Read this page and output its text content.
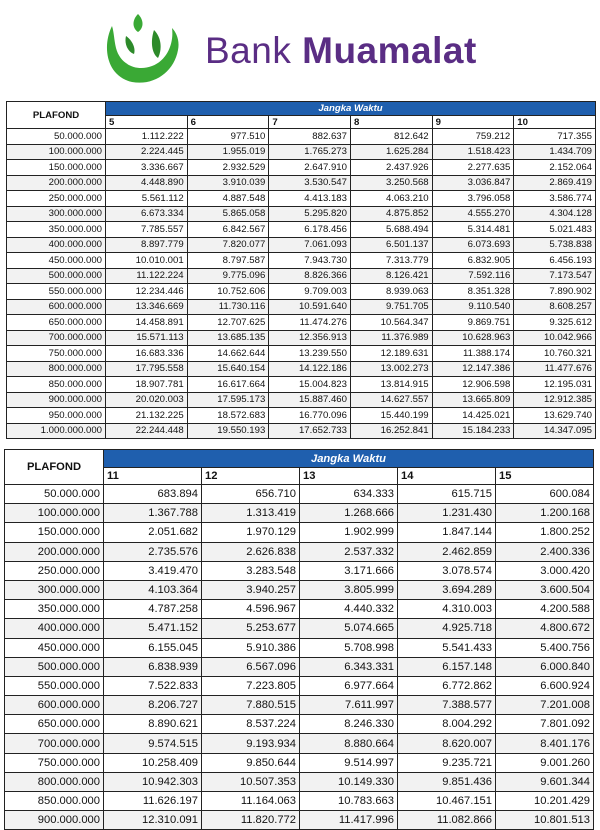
Bank Muamalat
PLAFOND	Jangka Waktu					
	5	6	7	8	9	10
50.000.000	1.112.222	977.510	882.637	812.642	759.212	717.355
100.000.000	2.224.445	1.955.019	1.765.273	1.625.284	1.518.423	1.434.709
150.000.000	3.336.667	2.932.529	2.647.910	2.437.926	2.277.635	2.152.064
200.000.000	4.448.890	3.910.039	3.530.547	3.250.568	3.036.847	2.869.419
250.000.000	5.561.112	4.887.548	4.413.183	4.063.210	3.796.058	3.586.774
300.000.000	6.673.334	5.865.058	5.295.820	4.875.852	4.555.270	4.304.128
350.000.000	7.785.557	6.842.567	6.178.456	5.688.494	5.314.481	5.021.483
400.000.000	8.897.779	7.820.077	7.061.093	6.501.137	6.073.693	5.738.838
450.000.000	10.010.001	8.797.587	7.943.730	7.313.779	6.832.905	6.456.193
500.000.000	11.122.224	9.775.096	8.826.366	8.126.421	7.592.116	7.173.547
550.000.000	12.234.446	10.752.606	9.709.003	8.939.063	8.351.328	7.890.902
600.000.000	13.346.669	11.730.116	10.591.640	9.751.705	9.110.540	8.608.257
650.000.000	14.458.891	12.707.625	11.474.276	10.564.347	9.869.751	9.325.612
700.000.000	15.571.113	13.685.135	12.356.913	11.376.989	10.628.963	10.042.966
750.000.000	16.683.336	14.662.644	13.239.550	12.189.631	11.388.174	10.760.321
800.000.000	17.795.558	15.640.154	14.122.186	13.002.273	12.147.386	11.477.676
850.000.000	18.907.781	16.617.664	15.004.823	13.814.915	12.906.598	12.195.031
900.000.000	20.020.003	17.595.173	15.887.460	14.627.557	13.665.809	12.912.385
950.000.000	21.132.225	18.572.683	16.770.096	15.440.199	14.425.021	13.629.740
1.000.000.000	22.244.448	19.550.193	17.652.733	16.252.841	15.184.233	14.347.095
PLAFOND	Jangka Waktu				
	11	12	13	14	15
50.000.000	683.894	656.710	634.333	615.715	600.084
100.000.000	1.367.788	1.313.419	1.268.666	1.231.430	1.200.168
150.000.000	2.051.682	1.970.129	1.902.999	1.847.144	1.800.252
200.000.000	2.735.576	2.626.838	2.537.332	2.462.859	2.400.336
250.000.000	3.419.470	3.283.548	3.171.666	3.078.574	3.000.420
300.000.000	4.103.364	3.940.257	3.805.999	3.694.289	3.600.504
350.000.000	4.787.258	4.596.967	4.440.332	4.310.003	4.200.588
400.000.000	5.471.152	5.253.677	5.074.665	4.925.718	4.800.672
450.000.000	6.155.045	5.910.386	5.708.998	5.541.433	5.400.756
500.000.000	6.838.939	6.567.096	6.343.331	6.157.148	6.000.840
550.000.000	7.522.833	7.223.805	6.977.664	6.772.862	6.600.924
600.000.000	8.206.727	7.880.515	7.611.997	7.388.577	7.201.008
650.000.000	8.890.621	8.537.224	8.246.330	8.004.292	7.801.092
700.000.000	9.574.515	9.193.934	8.880.664	8.620.007	8.401.176
750.000.000	10.258.409	9.850.644	9.514.997	9.235.721	9.001.260
800.000.000	10.942.303	10.507.353	10.149.330	9.851.436	9.601.344
850.000.000	11.626.197	11.164.063	10.783.663	10.467.151	10.201.429
900.000.000	12.310.091	11.820.772	11.417.996	11.082.866	10.801.513
